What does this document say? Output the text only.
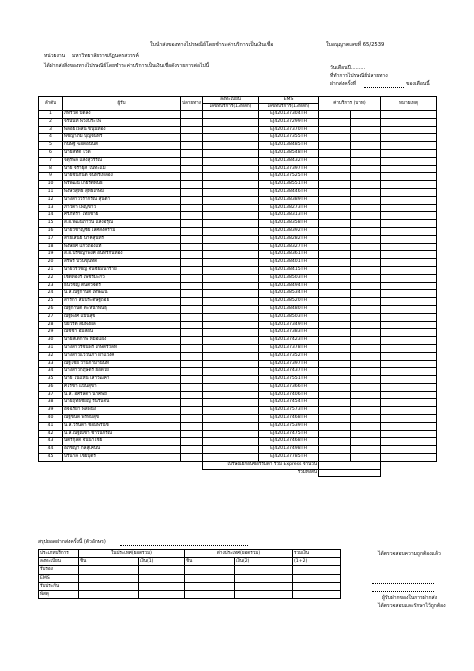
ใบนำส่งของทางไปรษณีย์โดยชำระค่าบริการเป็นเงินเชื่อ	ใบอนุญาตเลขที่ 65/2539
หน่วยงาน มหาวิทยาลัยราชภัฏนครสวรรค์
ได้ฝากส่งสิ่งของทางไปรษณีย์โดยชำระค่าบริการเป็นเงินเชื่อดังรายการต่อไปนี้	วันเดือนปี.........
ที่ทำการไปรษณีย์ปลายทาง
ฝากส่งครั้งที่	ของเดือนนี้
ลำดับ	ผู้รับ	ปลายทาง	ลงทะเบียน	EMS	ค่าบริการ (บาท)		หมายเหตุ
			เลขที่บริการ(13หลัก)	เลขที่บริการ(13หลัก)			
1	ภัทรวดี ปิดลง			EJ420137304TH			
2	จีรนันท์ พวงประไพ			EJ420137299TH			
3	พลอยไพลิน ขนุนทอง			EJ420137370TH			
4	พิชญาภัม บุญจันทร์			EJ420137355TH			
5	กนิษฐ์ ฃอดอนันต์			EJ420138485TH			
6	นายสิทัต ไวดี			EJ420138548TH			
7	จตุรพล แสงสุวรรณ			EJ420138432TH			
8	นาย จิรายุส โนทะแม			EJ420137397TH			
9	นายชนกันต์ จันทร์เหลือง			EJ420137525TH			
10	พีรพัฒน์ เกียรติพันธ์			EJ420138551TH			
11	พงษ์วิสุทธิ์ สุทธิเกษม			EJ420138446TH			
12	นางสาววรากรณ์ สุนตา			EJ420138389TH			
13	ภาวิดา เพ็ญขาว			EJ420138273TH			
14	ศิริภัทรา ไทยชาย			EJ420138313TH			
15	ส.อ.พัฒน์ภาวิน แสงอรุณ			EJ420138358TH			
16	นายวิชาญชัย เลิศสงคราม			EJ420138392TH			
17	สายเสนีย์ นาคสุนทรี			EJ420138282TH			
18	พงษ์ยศ แก้วถองแท้			EJ420138327TH			
19	ส.อ.ปรัชญาพงศ์ อินทร์กันทอง			EJ420138361TH			
20	สิริพร บวนขุนทด			EJ420138401TH			
21	นายวีรวัชญ์ จันชัยมนาราย			EJ420138415TH			
22	เชิดทองร เพ็ชรมะกิว			EJ420138503TH			
23	ธนวัชญ์ ตันติวิจิตร			EJ420138494TH			
24	น.ส.ณัฐกานต์ เทพัฒน์			EJ420138534TH			
25	สาริกา สัมประดิษฐ์ถอย			EJ420138520TH			
26	ณัฐกานต์ ตะหน้าพันธุ์			EJ420138480TH			
27	ณัฐพงศ์ แป้นสุข			EJ420138503TH			
28	ปิยวรต สมพึ่งผล			EJ420137349TH			
29	ณัชชา อิ่มสอน			EJ420137383TH			
30	นายสิเต็กาพ หม้อแฝ่ง			EJ420137423TH			
31	นางสาวรัชนีพร เกษตรวิลที่			EJ420137378TH			
32	นางสาวแว่วนภา ผ่าแวงค์			EJ420137352TH			
33	ณัฐ์ไชย วานกามานันท์			EJ420137397TH			
34	นางสาวกฤษดร ยอดใย			EJ420137437TH			
35	นาย โนแหน เสาวัฒิคา			EJ420137551TH			
36	ศิโรชา แป้นสุขา			EJ420137366TH			
37	น.ส. อิศรลดา นาคิพย์			EJ420137406TH			
38	นายฤทธิ์ชัยญ์ รื่นรื่นจิน			EJ420137454TH			
39	อัจฉรียา พลพนัง			EJ420137573TH			
40	ณัฐชนิด พรหมสุข			EJ420137468TH			
41	น.ส.วรินดา ชอมพรนัช			EJ420137539TH			
42	น.ส.ณัฐณัชา ชาวน์กรณ์			EJ420137475TH			
43	นิตร์กุลดี จินนาไชย			EJ420137468TH			
44	อภิชญา กลสุเคนิน			EJ420137498TH			
45	ปรนาลี ไชยบุตร			EJ420137785TH			
			ไปรษณีย์ก้อนซ์อรรมดา รวม Express จำนวน				
			รวมทั้งสิ้น				
สรุปยอดฝากส่งครั้งนี้ (ตัวอักษร)
ประเภทบริการ	ในประเทศ(ยอดรวม)		ต่างประเทศ(ยอดรวม)		รวมเงิน	
ลงทะเบียน	ชิ้น	เงิน(1)	ชิ้น	เงิน(2)	(1+2)	
รับรอง						
EMS						
รับประกัน						
พัสดุ						
ได้ตรวจสอบความถูกต้องแล้ว
ผู้รับฝากของในการฝากส่ง
ได้ตรวจสอบและรักษาไว้ถูกต้อง
